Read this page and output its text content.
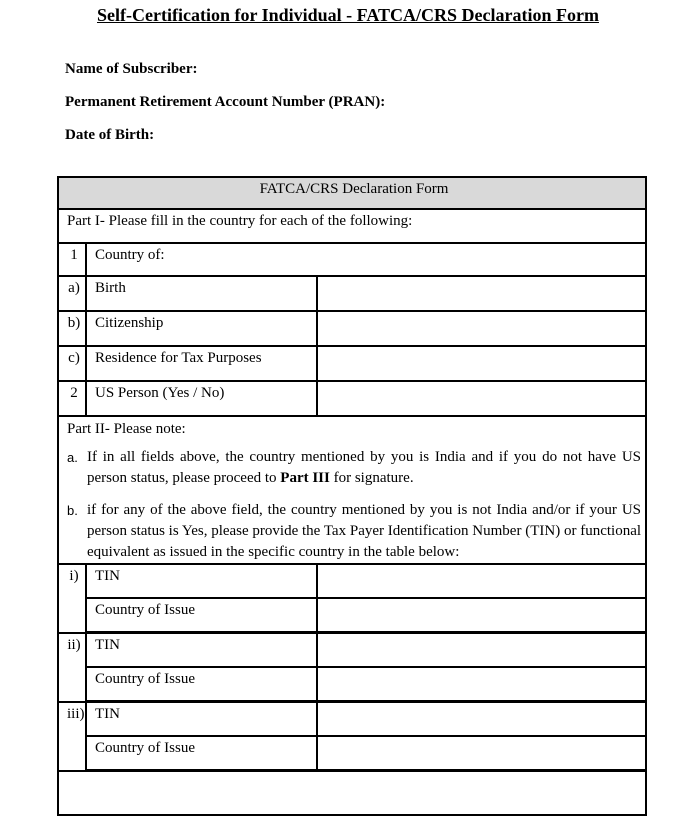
Self-Certification for Individual - FATCA/CRS Declaration Form
Name of Subscriber:
Permanent Retirement Account Number (PRAN):
Date of Birth:
FATCA/CRS Declaration Form		
Part I- Please fill in the country for each of the following:		
1	Country of:	
a)	Birth	
b)	Citizenship	
c)	Residence for Tax Purposes	
2	US Person (Yes / No)	

Part II- Please note:
a. If in all fields above, the country mentioned by you is India and if you do not have US person status, please proceed to Part III for signature.

b. if for any of the above field, the country mentioned by you is not India and/or if your US person status is Yes, please provide the Tax Payer Identification Number (TIN) or functional equivalent as issued in the specific country in the table below:		

i)	TIN	
	Country of Issue	
ii)	TIN	
	Country of Issue	
iii)	TIN	
	Country of Issue	
